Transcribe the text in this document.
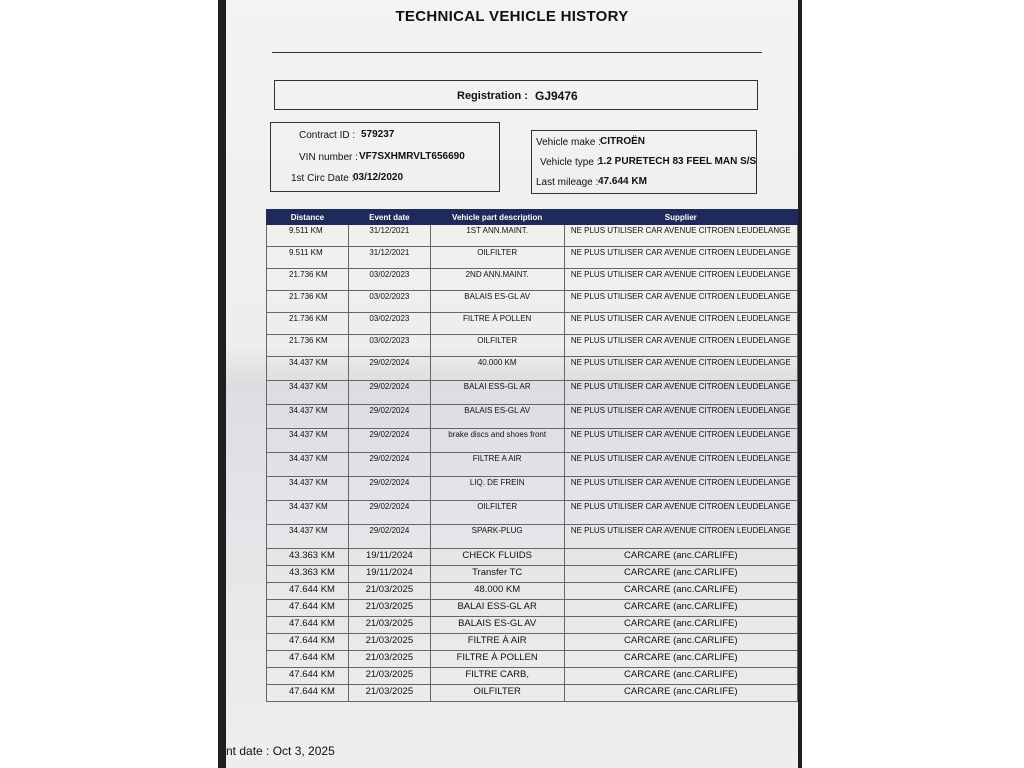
TECHNICAL VEHICLE HISTORY
Registration : GJ9476
Contract ID : 579237
VIN number : VF7SXHMRVLT656690
1st Circ Date :
03/12/2020
Vehicle make :
CITROËN
Vehicle type :
1.2 PURETECH 83 FEEL MAN S/S
Last mileage : 47.644 KM
Distance	Event date	Vehicle part description	Supplier
9.511 KM	31/12/2021	1ST ANN.MAINT.	NE PLUS UTILISER CAR AVENUE CITROEN LEUDELANGE
9.511 KM	31/12/2021	OILFILTER	NE PLUS UTILISER CAR AVENUE CITROEN LEUDELANGE
21.736 KM	03/02/2023	2ND ANN.MAINT.	NE PLUS UTILISER CAR AVENUE CITROEN LEUDELANGE
21.736 KM	03/02/2023	BALAIS ES-GL AV	NE PLUS UTILISER CAR AVENUE CITROEN LEUDELANGE
21.736 KM	03/02/2023	FILTRE À POLLEN	NE PLUS UTILISER CAR AVENUE CITROEN LEUDELANGE
21.736 KM	03/02/2023	OILFILTER	NE PLUS UTILISER CAR AVENUE CITROEN LEUDELANGE
34.437 KM	29/02/2024	40.000 KM	NE PLUS UTILISER CAR AVENUE CITROEN LEUDELANGE
34.437 KM	29/02/2024	BALAI ESS-GL AR	NE PLUS UTILISER CAR AVENUE CITROEN LEUDELANGE
34.437 KM	29/02/2024	BALAIS ES-GL AV	NE PLUS UTILISER CAR AVENUE CITROEN LEUDELANGE
34.437 KM	29/02/2024	brake discs and shoes front	NE PLUS UTILISER CAR AVENUE CITROEN LEUDELANGE
34.437 KM	29/02/2024	FILTRE A AIR	NE PLUS UTILISER CAR AVENUE CITROEN LEUDELANGE
34.437 KM	29/02/2024	LIQ. DE FREIN	NE PLUS UTILISER CAR AVENUE CITROEN LEUDELANGE
34.437 KM	29/02/2024	OILFILTER	NE PLUS UTILISER CAR AVENUE CITROEN LEUDELANGE
34.437 KM	29/02/2024	SPARK-PLUG	NE PLUS UTILISER CAR AVENUE CITROEN LEUDELANGE
43.363 KM	19/11/2024	CHECK FLUIDS	CARCARE (anc.CARLIFE)
43.363 KM	19/11/2024	Transfer TC	CARCARE (anc.CARLIFE)
47.644 KM	21/03/2025	48.000 KM	CARCARE (anc.CARLIFE)
47.644 KM	21/03/2025	BALAI ESS-GL AR	CARCARE (anc.CARLIFE)
47.644 KM	21/03/2025	BALAIS ES-GL AV	CARCARE (anc.CARLIFE)
47.644 KM	21/03/2025	FILTRE À AIR	CARCARE (anc.CARLIFE)
47.644 KM	21/03/2025	FILTRE À POLLEN	CARCARE (anc.CARLIFE)
47.644 KM	21/03/2025	FILTRE CARB,	CARCARE (anc.CARLIFE)
47.644 KM	21/03/2025	OILFILTER	CARCARE (anc.CARLIFE)
nt date : Oct 3, 2025
